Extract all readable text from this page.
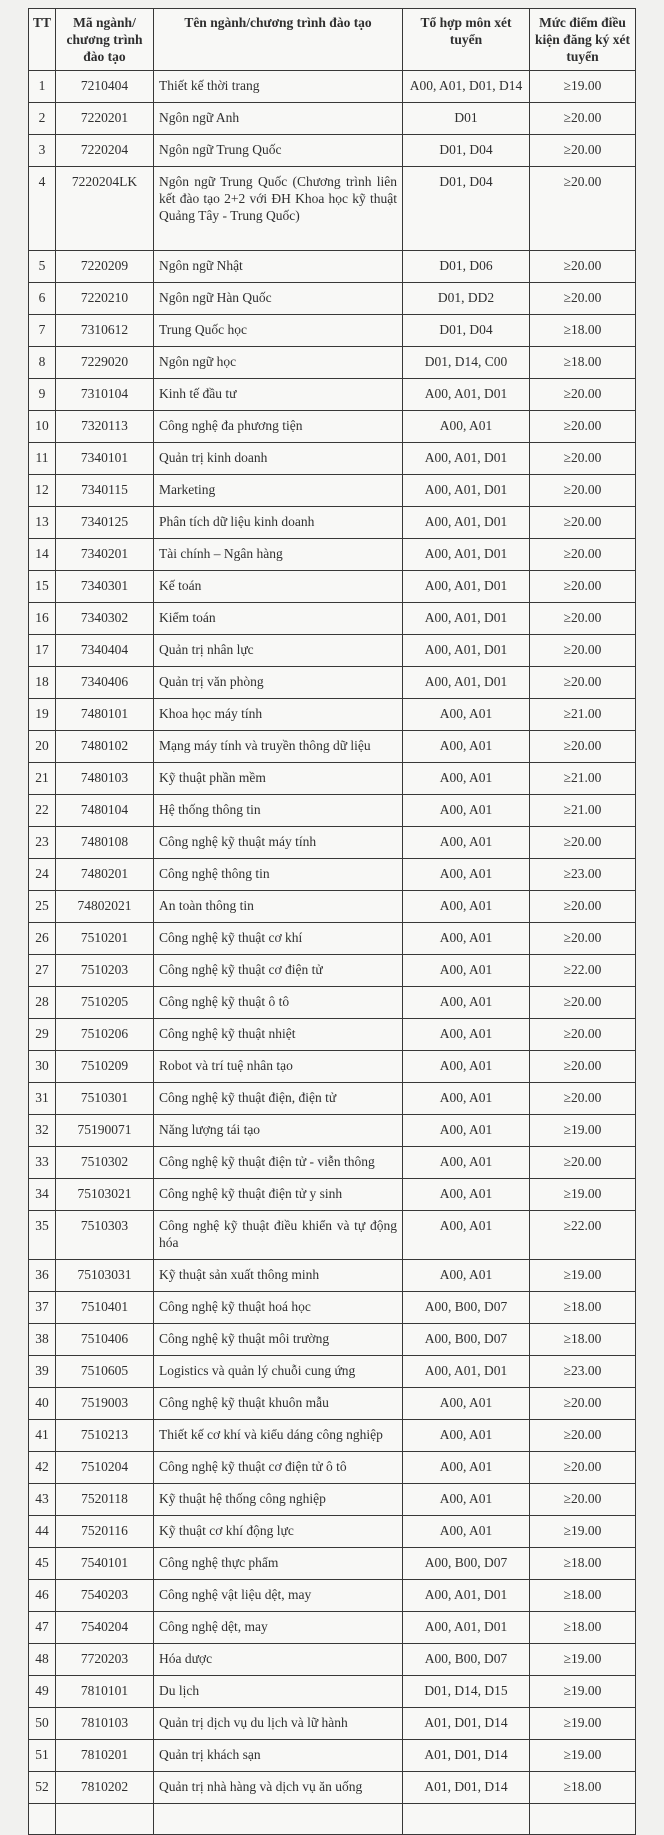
TT	Mã ngành/ chương trình đào tạo	Tên ngành/chương trình đào tạo	Tổ hợp môn xét tuyển	Mức điểm điều kiện đăng ký xét tuyển
1	7210404	Thiết kế thời trang	A00, A01, D01, D14	≥19.00
2	7220201	Ngôn ngữ Anh	D01	≥20.00
3	7220204	Ngôn ngữ Trung Quốc	D01, D04	≥20.00
4	7220204LK	Ngôn ngữ Trung Quốc (Chương trình liên kết đào tạo 2+2 với ĐH Khoa học kỹ thuật Quảng Tây - Trung Quốc)	D01, D04	≥20.00
5	7220209	Ngôn ngữ Nhật	D01, D06	≥20.00
6	7220210	Ngôn ngữ Hàn Quốc	D01, DD2	≥20.00
7	7310612	Trung Quốc học	D01, D04	≥18.00
8	7229020	Ngôn ngữ học	D01, D14, C00	≥18.00
9	7310104	Kinh tế đầu tư	A00, A01, D01	≥20.00
10	7320113	Công nghệ đa phương tiện	A00, A01	≥20.00
11	7340101	Quản trị kinh doanh	A00, A01, D01	≥20.00
12	7340115	Marketing	A00, A01, D01	≥20.00
13	7340125	Phân tích dữ liệu kinh doanh	A00, A01, D01	≥20.00
14	7340201	Tài chính – Ngân hàng	A00, A01, D01	≥20.00
15	7340301	Kế toán	A00, A01, D01	≥20.00
16	7340302	Kiểm toán	A00, A01, D01	≥20.00
17	7340404	Quản trị nhân lực	A00, A01, D01	≥20.00
18	7340406	Quản trị văn phòng	A00, A01, D01	≥20.00
19	7480101	Khoa học máy tính	A00, A01	≥21.00
20	7480102	Mạng máy tính và truyền thông dữ liệu	A00, A01	≥20.00
21	7480103	Kỹ thuật phần mềm	A00, A01	≥21.00
22	7480104	Hệ thống thông tin	A00, A01	≥21.00
23	7480108	Công nghệ kỹ thuật máy tính	A00, A01	≥20.00
24	7480201	Công nghệ thông tin	A00, A01	≥23.00
25	74802021	An toàn thông tin	A00, A01	≥20.00
26	7510201	Công nghệ kỹ thuật cơ khí	A00, A01	≥20.00
27	7510203	Công nghệ kỹ thuật cơ điện tử	A00, A01	≥22.00
28	7510205	Công nghệ kỹ thuật ô tô	A00, A01	≥20.00
29	7510206	Công nghệ kỹ thuật nhiệt	A00, A01	≥20.00
30	7510209	Robot và trí tuệ nhân tạo	A00, A01	≥20.00
31	7510301	Công nghệ kỹ thuật điện, điện tử	A00, A01	≥20.00
32	75190071	Năng lượng tái tạo	A00, A01	≥19.00
33	7510302	Công nghệ kỹ thuật điện tử - viễn thông	A00, A01	≥20.00
34	75103021	Công nghệ kỹ thuật điện tử y sinh	A00, A01	≥19.00
35	7510303	Công nghệ kỹ thuật điều khiển và tự động hóa	A00, A01	≥22.00
36	75103031	Kỹ thuật sản xuất thông minh	A00, A01	≥19.00
37	7510401	Công nghệ kỹ thuật hoá học	A00, B00, D07	≥18.00
38	7510406	Công nghệ kỹ thuật môi trường	A00, B00, D07	≥18.00
39	7510605	Logistics và quản lý chuỗi cung ứng	A00, A01, D01	≥23.00
40	7519003	Công nghệ kỹ thuật khuôn mẫu	A00, A01	≥20.00
41	7510213	Thiết kế cơ khí và kiểu dáng công nghiệp	A00, A01	≥20.00
42	7510204	Công nghệ kỹ thuật cơ điện tử ô tô	A00, A01	≥20.00
43	7520118	Kỹ thuật hệ thống công nghiệp	A00, A01	≥20.00
44	7520116	Kỹ thuật cơ khí động lực	A00, A01	≥19.00
45	7540101	Công nghệ thực phẩm	A00, B00, D07	≥18.00
46	7540203	Công nghệ vật liệu dệt, may	A00, A01, D01	≥18.00
47	7540204	Công nghệ dệt, may	A00, A01, D01	≥18.00
48	7720203	Hóa dược	A00, B00, D07	≥19.00
49	7810101	Du lịch	D01, D14, D15	≥19.00
50	7810103	Quản trị dịch vụ du lịch và lữ hành	A01, D01, D14	≥19.00
51	7810201	Quản trị khách sạn	A01, D01, D14	≥19.00
52	7810202	Quản trị nhà hàng và dịch vụ ăn uống	A01, D01, D14	≥18.00
